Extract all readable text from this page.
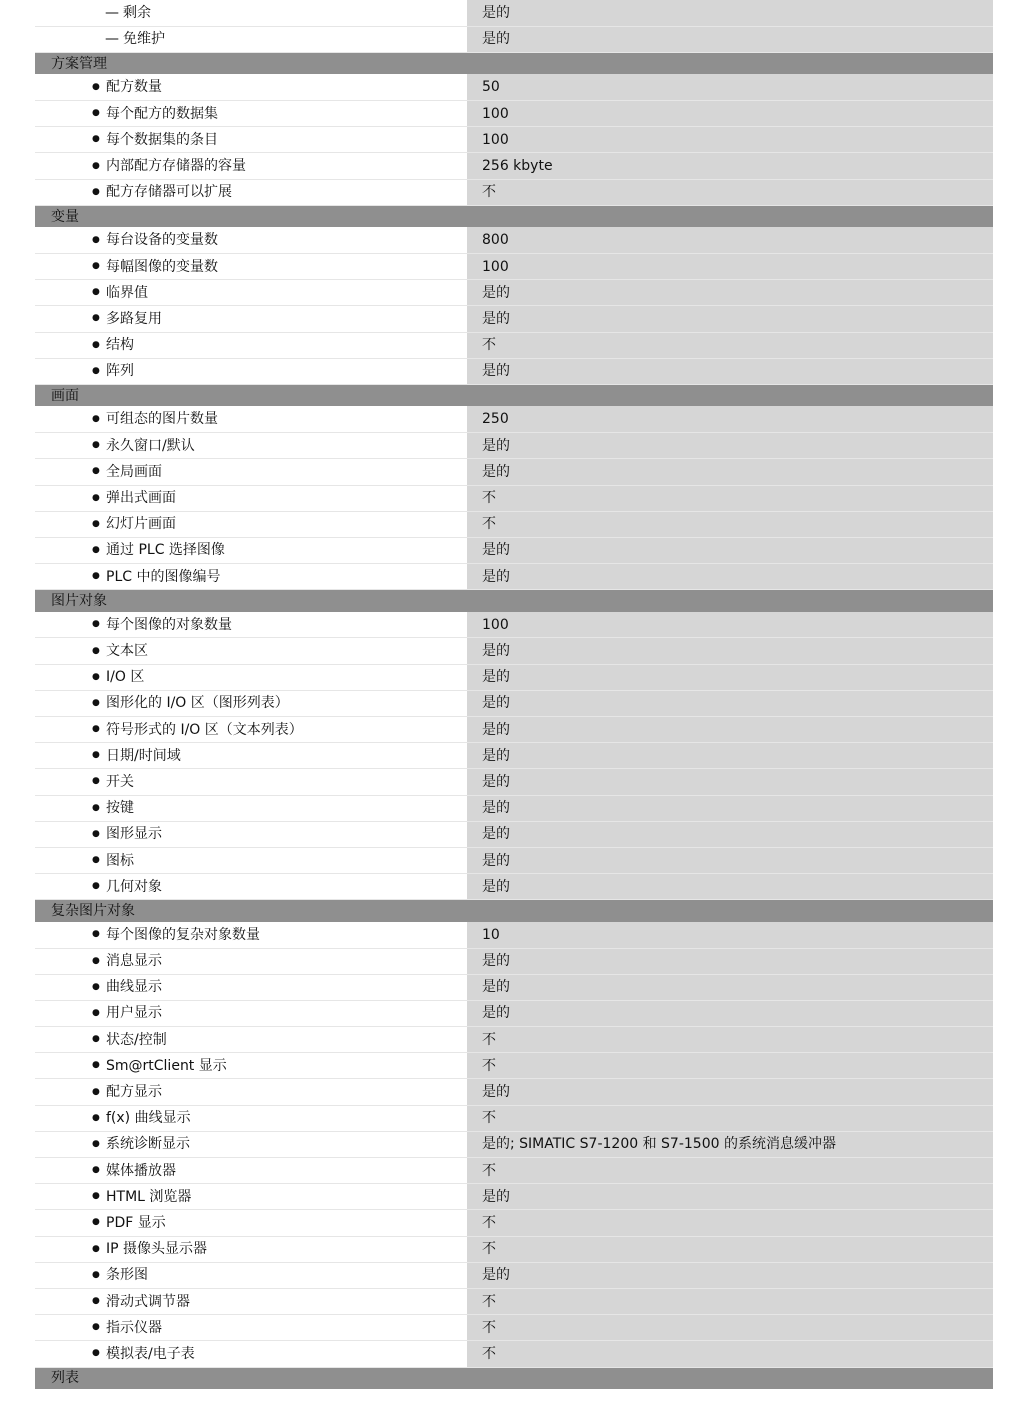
— 剩余	是的
— 免维护	是的
方案管理	
● 配方数量	50
● 每个配方的数据集	100
● 每个数据集的条目	100
● 内部配方存储器的容量	256 kbyte
● 配方存储器可以扩展	不
变量	
● 每台设备的变量数	800
● 每幅图像的变量数	100
● 临界值	是的
● 多路复用	是的
● 结构	不
● 阵列	是的
画面	
● 可组态的图片数量	250
● 永久窗口/默认	是的
● 全局画面	是的
● 弹出式画面	不
● 幻灯片画面	不
● 通过 PLC 选择图像	是的
● PLC 中的图像编号	是的
图片对象	
● 每个图像的对象数量	100
● 文本区	是的
● I/O 区	是的
● 图形化的 I/O 区（图形列表）	是的
● 符号形式的 I/O 区（文本列表）	是的
● 日期/时间域	是的
● 开关	是的
● 按键	是的
● 图形显示	是的
● 图标	是的
● 几何对象	是的
复杂图片对象	
● 每个图像的复杂对象数量	10
● 消息显示	是的
● 曲线显示	是的
● 用户显示	是的
● 状态/控制	不
● Sm@rtClient 显示	不
● 配方显示	是的
● f(x) 曲线显示	不
● 系统诊断显示	是的; SIMATIC S7-1200 和 S7-1500 的系统消息缓冲器
● 媒体播放器	不
● HTML 浏览器	是的
● PDF 显示	不
● IP 摄像头显示器	不
● 条形图	是的
● 滑动式调节器	不
● 指示仪器	不
● 模拟表/电子表	不
列表	
